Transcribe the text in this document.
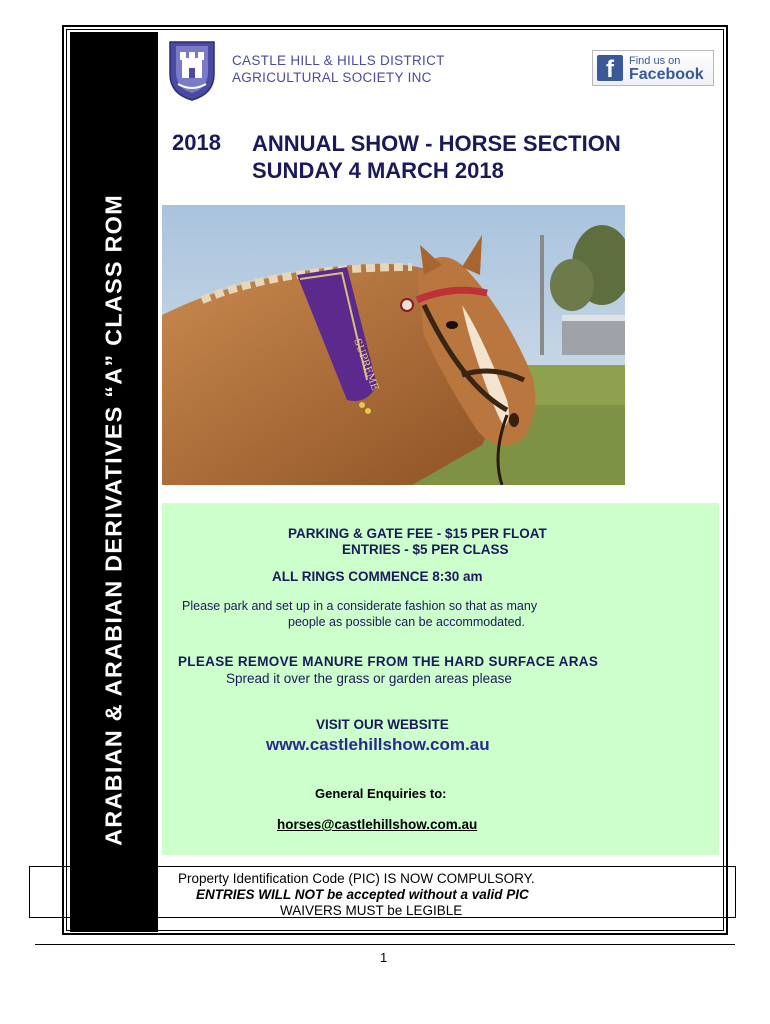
ARABIAN & ARABIAN DERIVATIVES “A” CLASS ROM
CASTLE HILL & HILLS DISTRICT
AGRICULTURAL SOCIETY INC	f	Find us on
Facebook
2018 ANNUAL SHOW - HORSE SECTION
SUNDAY 4 MARCH 2018
SUPREME
PARKING & GATE FEE - $15 PER FLOAT
ENTRIES - $5 PER CLASS
ALL RINGS COMMENCE 8:30 am
Please park and set up in a considerate fashion so that as many
people as possible can be accommodated.
PLEASE REMOVE MANURE FROM THE HARD SURFACE ARAS
Spread it over the grass or garden areas please
VISIT OUR WEBSITE
www.castlehillshow.com.au
General Enquiries to:
horses@castlehillshow.com.au
Property Identification Code (PIC) IS NOW COMPULSORY.
ENTRIES WILL NOT be accepted without a valid PIC
WAIVERS MUST be LEGIBLE
1
